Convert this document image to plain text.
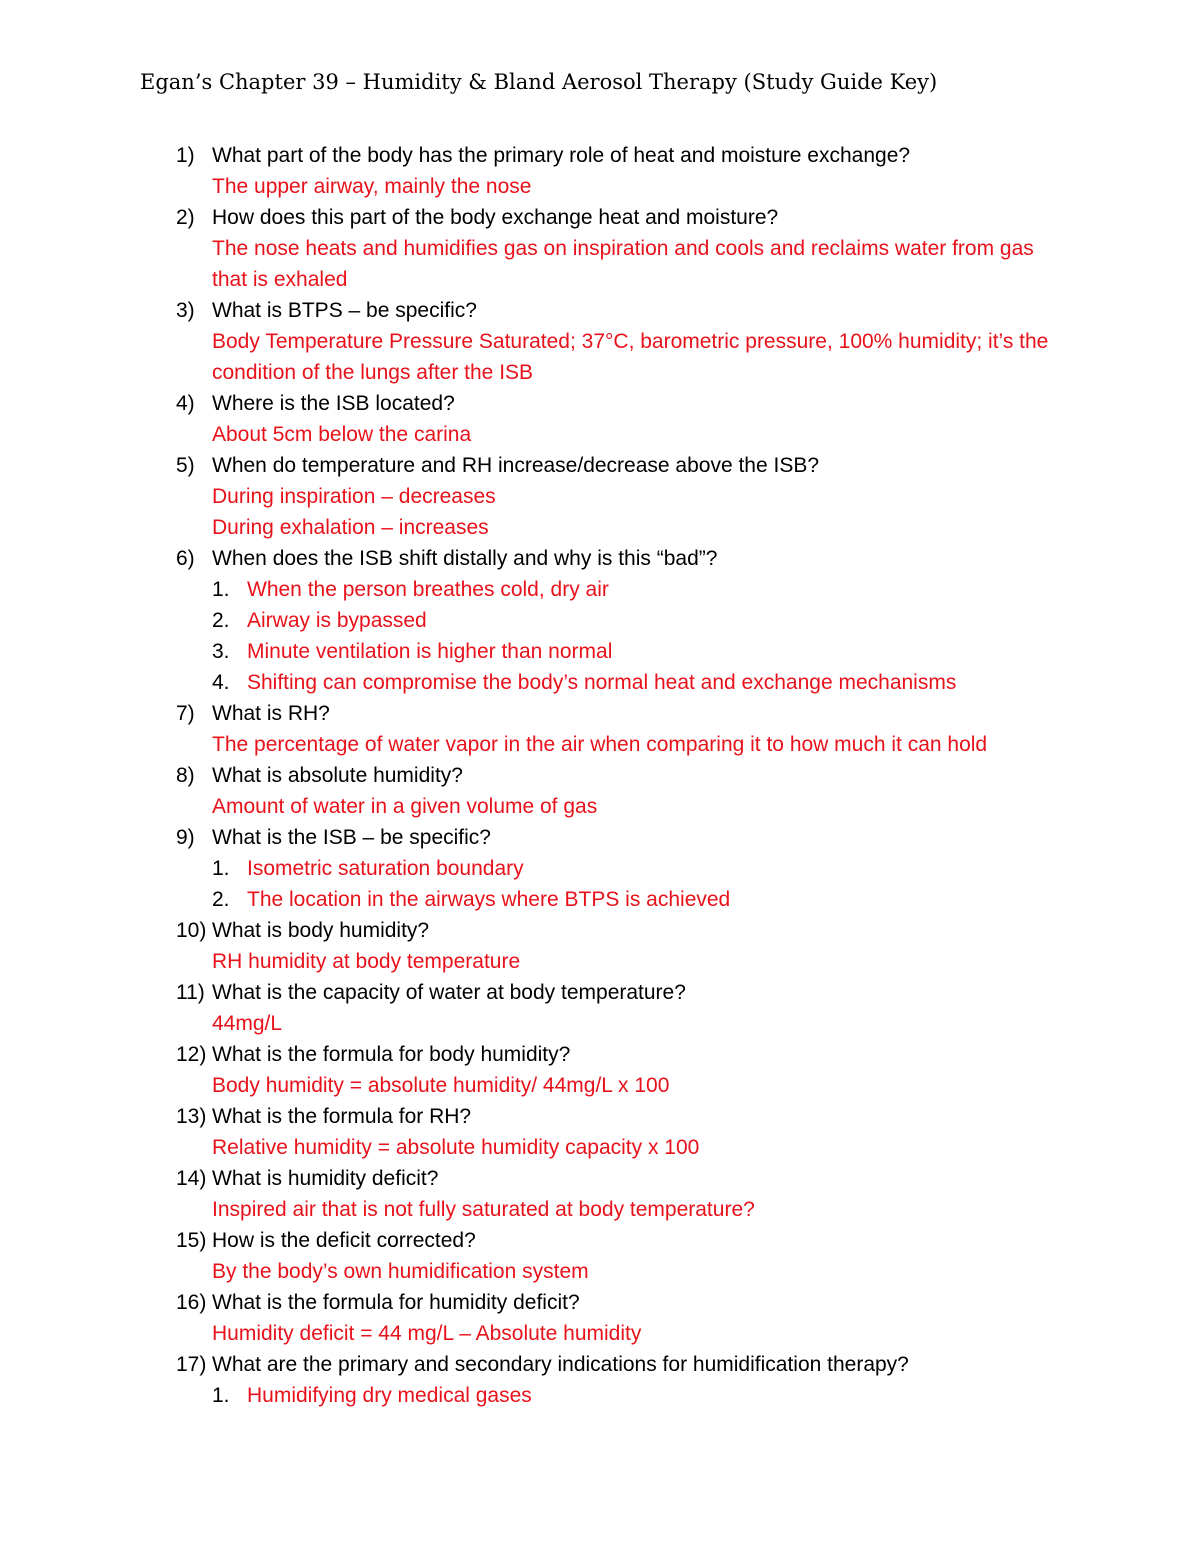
Egan’s Chapter 39 – Humidity & Bland Aerosol Therapy (Study Guide Key)
1) What part of the body has the primary role of heat and moisture exchange?
The upper airway, mainly the nose
2) How does this part of the body exchange heat and moisture?
The nose heats and humidifies gas on inspiration and cools and reclaims water from gas that is exhaled
3) What is BTPS – be specific?
Body Temperature Pressure Saturated; 37°C, barometric pressure, 100% humidity; it’s the condition of the lungs after the ISB
4) Where is the ISB located?
About 5cm below the carina
5) When do temperature and RH increase/decrease above the ISB?
During inspiration – decreases
During exhalation – increases
6) When does the ISB shift distally and why is this “bad”?
1. When the person breathes cold, dry air
2. Airway is bypassed
3. Minute ventilation is higher than normal
4. Shifting can compromise the body’s normal heat and exchange mechanisms
7) What is RH?
The percentage of water vapor in the air when comparing it to how much it can hold
8) What is absolute humidity?
Amount of water in a given volume of gas
9) What is the ISB – be specific?
1. Isometric saturation boundary
2. The location in the airways where BTPS is achieved
10) What is body humidity?
RH humidity at body temperature
11) What is the capacity of water at body temperature?
44mg/L
12) What is the formula for body humidity?
Body humidity = absolute humidity/ 44mg/L x 100
13) What is the formula for RH?
Relative humidity = absolute humidity capacity x 100
14) What is humidity deficit?
Inspired air that is not fully saturated at body temperature?
15) How is the deficit corrected?
By the body’s own humidification system
16) What is the formula for humidity deficit?
Humidity deficit = 44 mg/L – Absolute humidity
17) What are the primary and secondary indications for humidification therapy?
1. Humidifying dry medical gases
